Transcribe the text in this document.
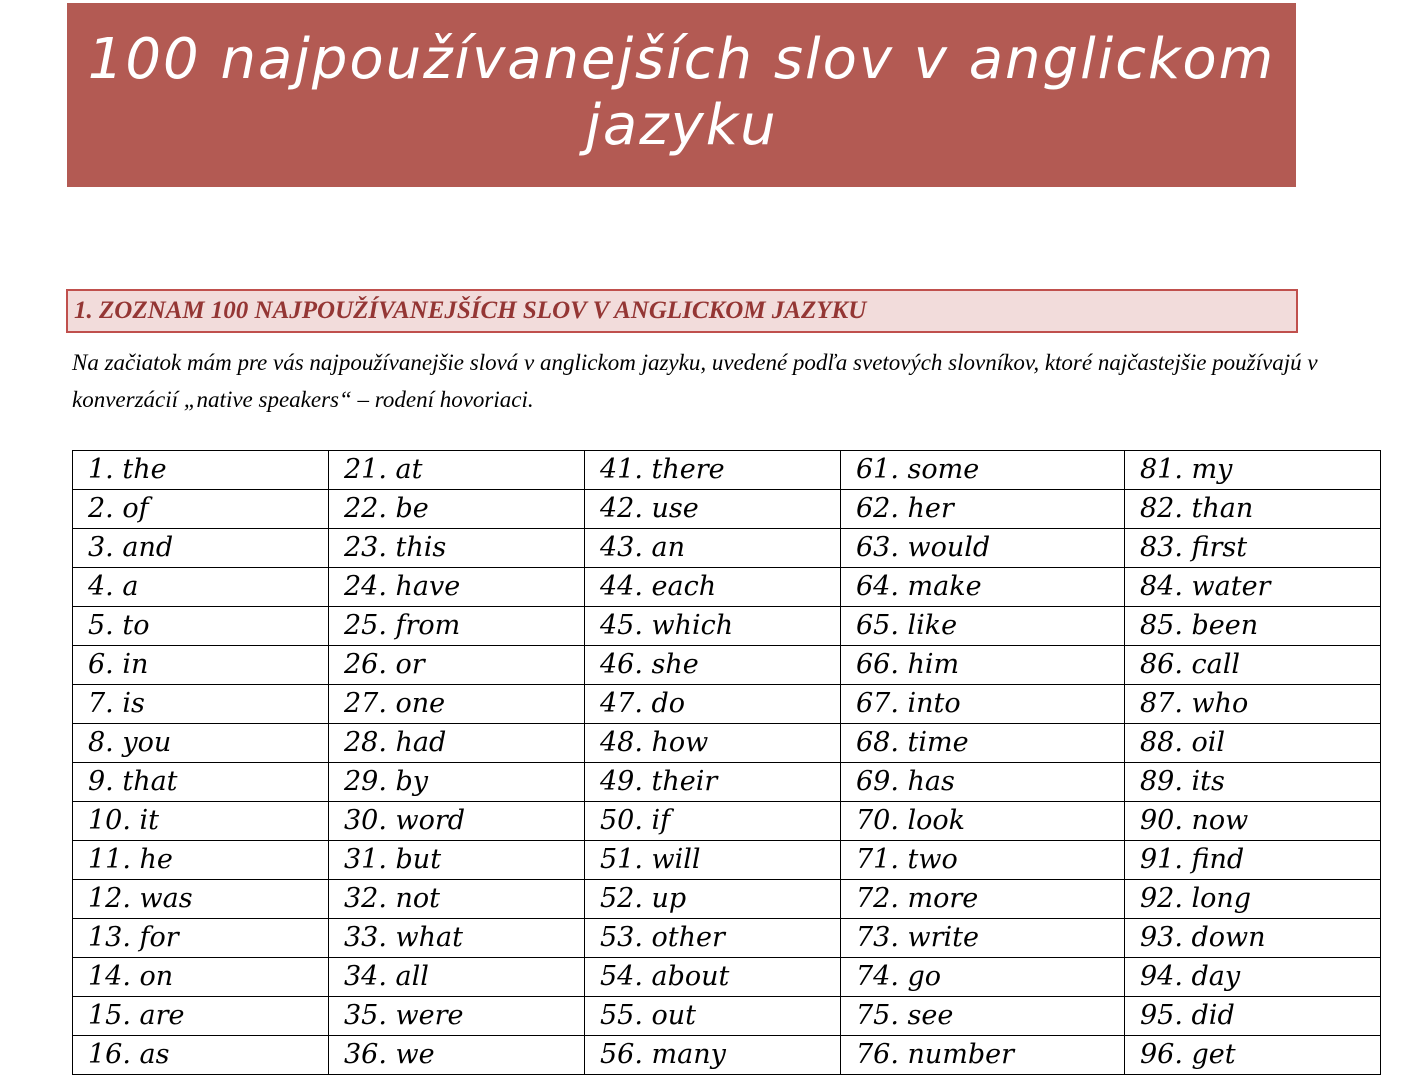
100 najpoužívanejších slov v anglickom jazyku
1. ZOZNAM 100 NAJPOUŽÍVANEJŠÍCH SLOV V ANGLICKOM JAZYKU
Na začiatok mám pre vás najpoužívanejšie slová v anglickom jazyku, uvedené podľa svetových slovníkov, ktoré najčastejšie používajú v konverzácií „native speakers“ – rodení hovoriaci.
1. the	21. at	41. there	61. some	81. my
2. of	22. be	42. use	62. her	82. than
3. and	23. this	43. an	63. would	83. first
4. a	24. have	44. each	64. make	84. water
5. to	25. from	45. which	65. like	85. been
6. in	26. or	46. she	66. him	86. call
7. is	27. one	47. do	67. into	87. who
8. you	28. had	48. how	68. time	88. oil
9. that	29. by	49. their	69. has	89. its
10. it	30. word	50. if	70. look	90. now
11. he	31. but	51. will	71. two	91. find
12. was	32. not	52. up	72. more	92. long
13. for	33. what	53. other	73. write	93. down
14. on	34. all	54. about	74. go	94. day
15. are	35. were	55. out	75. see	95. did
16. as	36. we	56. many	76. number	96. get
